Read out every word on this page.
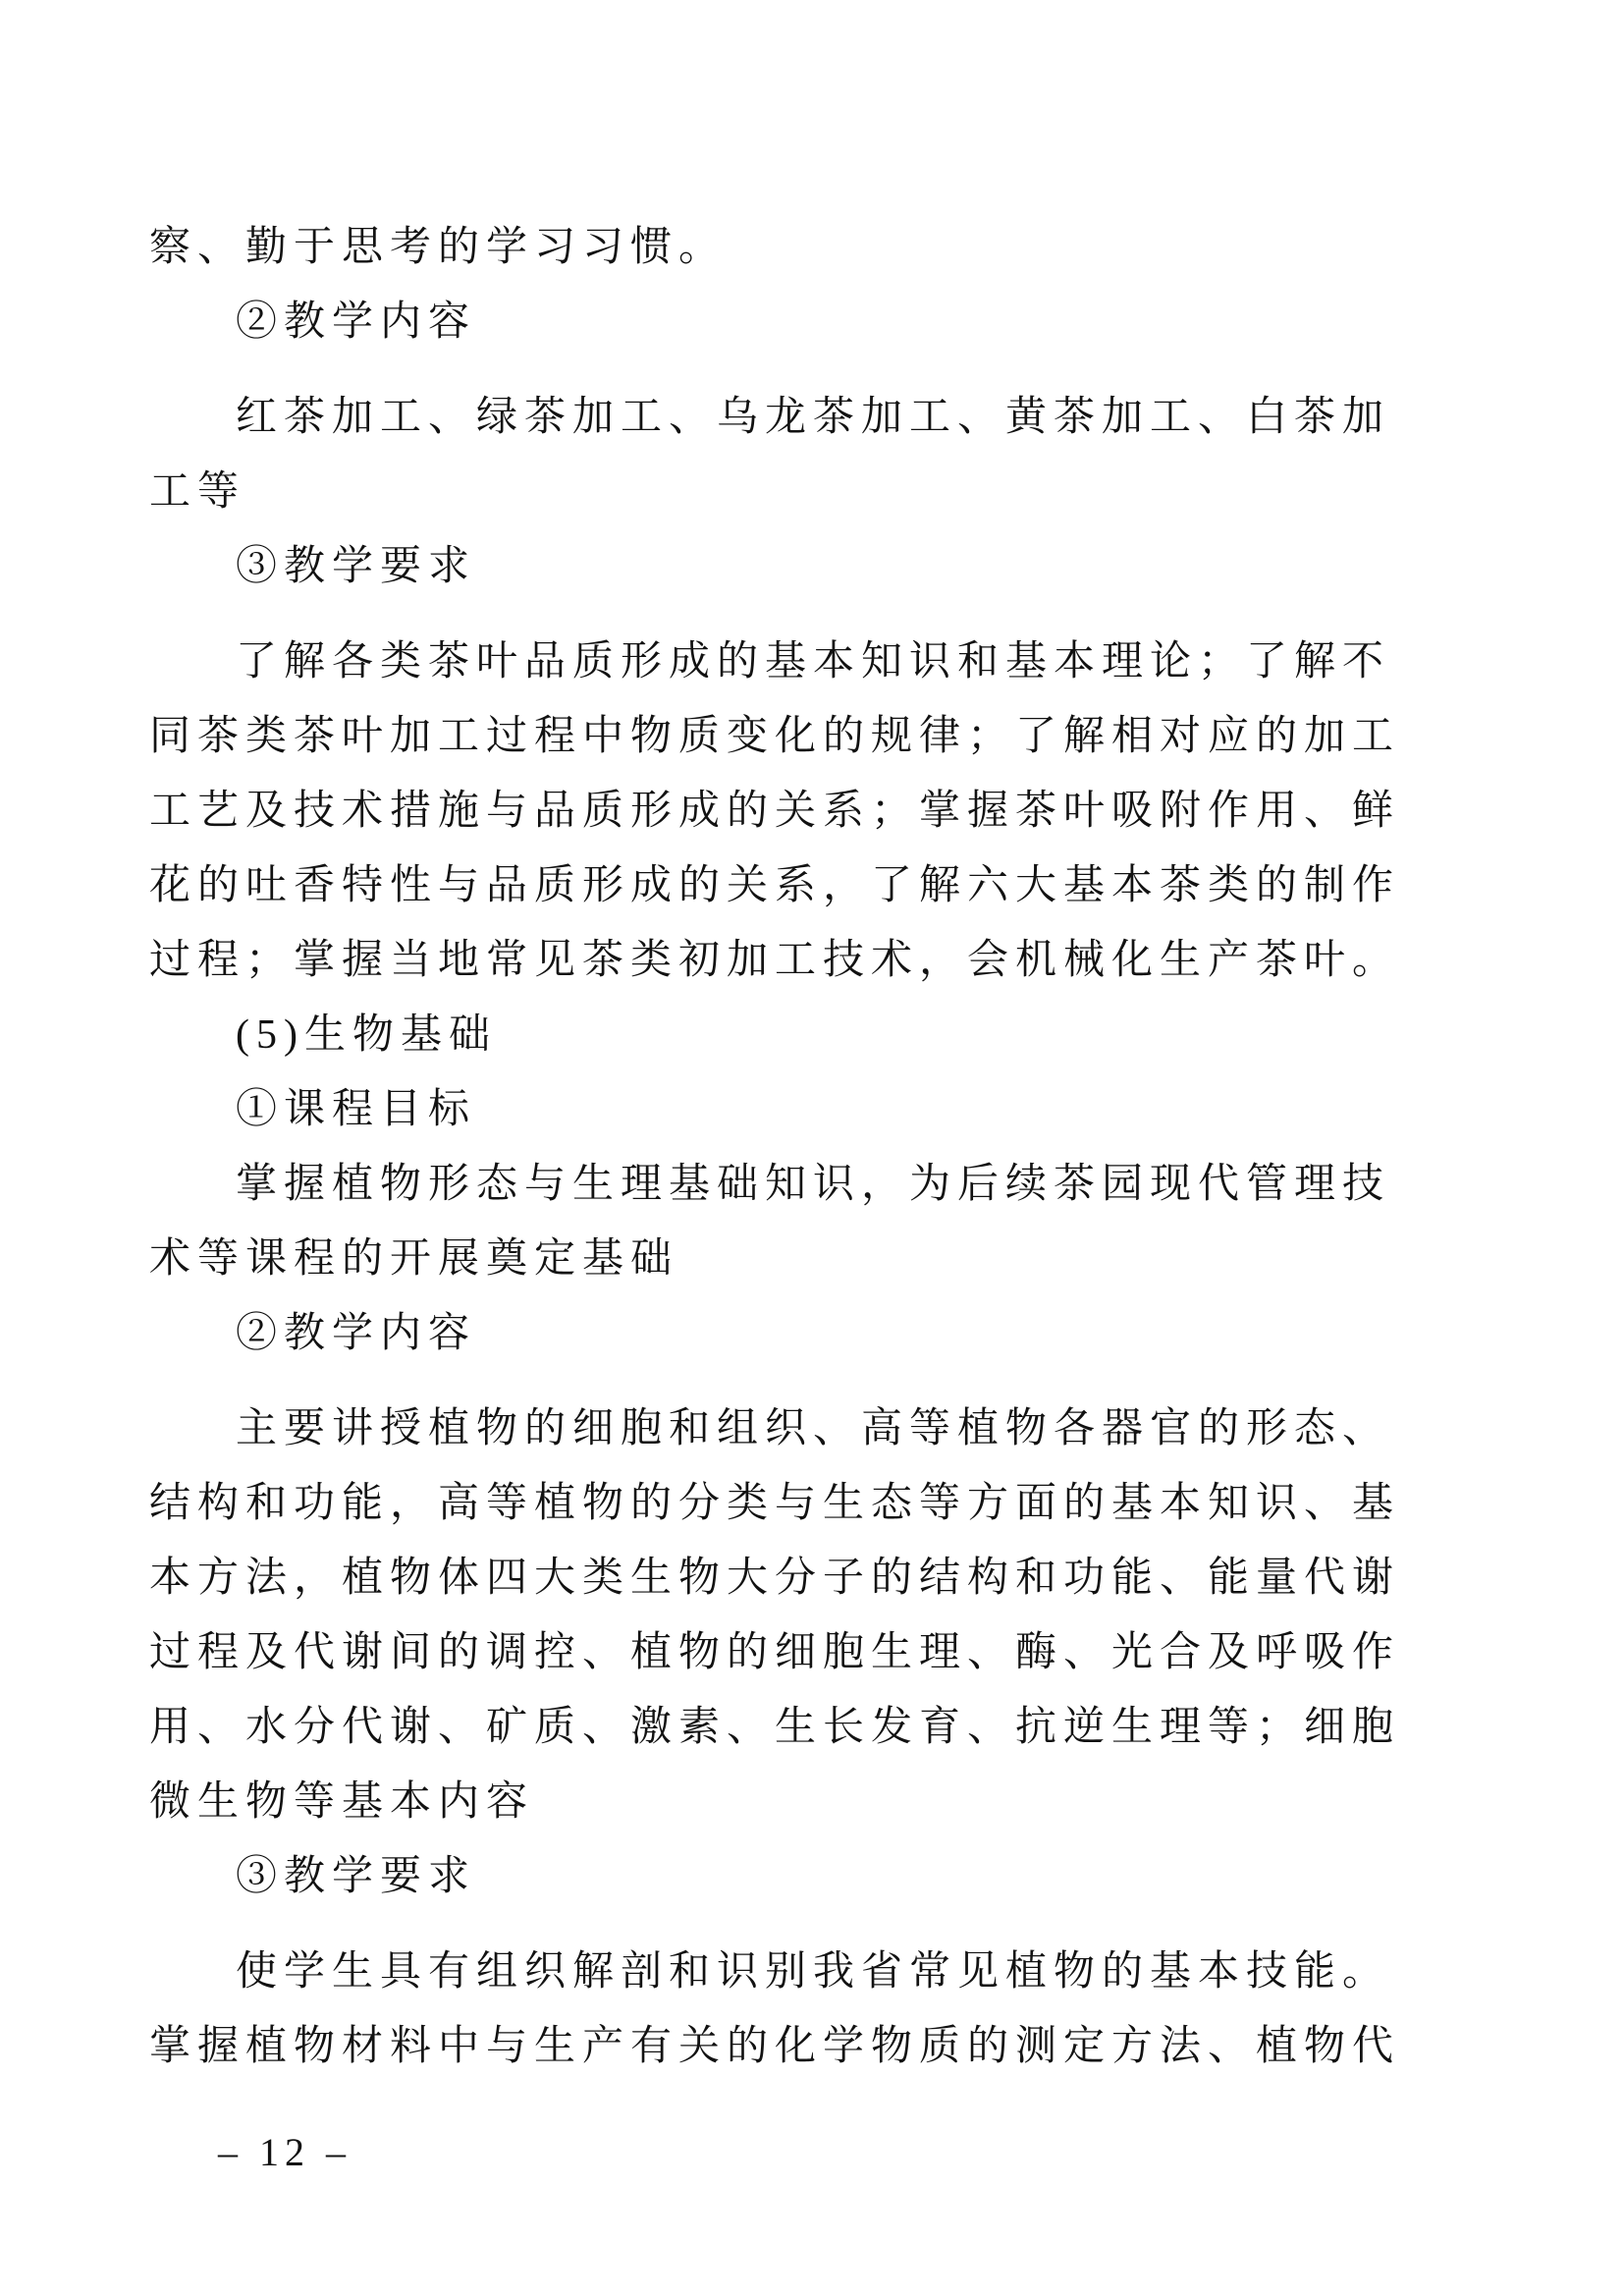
察、勤于思考的学习习惯。
②教学内容
红茶加工、绿茶加工、乌龙茶加工、黄茶加工、白茶加
工等
③教学要求
了解各类茶叶品质形成的基本知识和基本理论；了解不
同茶类茶叶加工过程中物质变化的规律；了解相对应的加工
工艺及技术措施与品质形成的关系；掌握茶叶吸附作用、鲜
花的吐香特性与品质形成的关系，了解六大基本茶类的制作
过程；掌握当地常见茶类初加工技术，会机械化生产茶叶。
(5)生物基础
①课程目标
掌握植物形态与生理基础知识，为后续茶园现代管理技
术等课程的开展奠定基础
②教学内容
主要讲授植物的细胞和组织、高等植物各器官的形态、
结构和功能，高等植物的分类与生态等方面的基本知识、基
本方法，植物体四大类生物大分子的结构和功能、能量代谢
过程及代谢间的调控、植物的细胞生理、酶、光合及呼吸作
用、水分代谢、矿质、激素、生长发育、抗逆生理等；细胞
微生物等基本内容
③教学要求
使学生具有组织解剖和识别我省常见植物的基本技能。
掌握植物材料中与生产有关的化学物质的测定方法、植物代
– 12 –
